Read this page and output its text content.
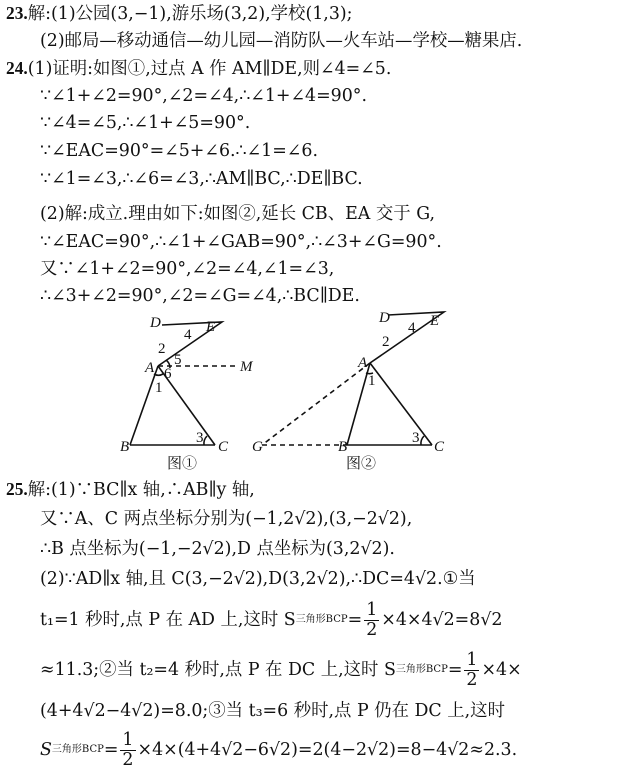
23.解:(1)公园(3,−1),游乐场(3,2),学校(1,3);
(2)邮局—移动通信—幼儿园—消防队—火车站—学校—糖果店.
24.(1)证明:如图①,过点 A 作 AM∥DE,则∠4=∠5.
∵∠1+∠2=90°,∠2=∠4,∴∠1+∠4=90°.
∵∠4=∠5,∴∠1+∠5=90°.
∵∠EAC=90°=∠5+∠6.∴∠1=∠6.
∵∠1=∠3,∴∠6=∠3,∴AM∥BC,∴DE∥BC.
(2)解:成立.理由如下:如图②,延长 CB、EA 交于 G,
∵∠EAC=90°,∴∠1+∠GAB=90°,∴∠3+∠G=90°.
又∵∠1+∠2=90°,∠2=∠4,∠1=∠3,
∴∠3+∠2=90°,∠2=∠G=∠4,∴BC∥DE.
D	E
4
2
5
A 6
1
M
3
B	C
图①
D	E
4
2
A
1
3
G	B	C
图②
25.解:(1)∵BC∥x 轴,∴AB∥y 轴,
又∵A、C 两点坐标分别为(−1,2√2),(3,−2√2),
∴B 点坐标为(−1,−2√2),D 点坐标为(3,2√2).
(2)∵AD∥x 轴,且 C(3,−2√2),D(3,2√2),∴DC=4√2.①当
t₁=1 秒时,点 P 在 AD 上,这时 S 三角形BCP = $\frac{1}{2} \times 4\times 4√2=8√2$
≈11.3;②当 t₂=4 秒时,点 P 在 DC 上,这时 S 三角形BCP = $\frac{1}{2} \times 4\times$
(4+4√2−4√2)=8.0;③当 t₃=6 秒时,点 P 仍在 DC 上,这时
S 三角形BCP = $\frac{1}{2} \times 4\times(4+4√2-6√2)=2(4-2√2)=8-4√2\approx 2.3$.
